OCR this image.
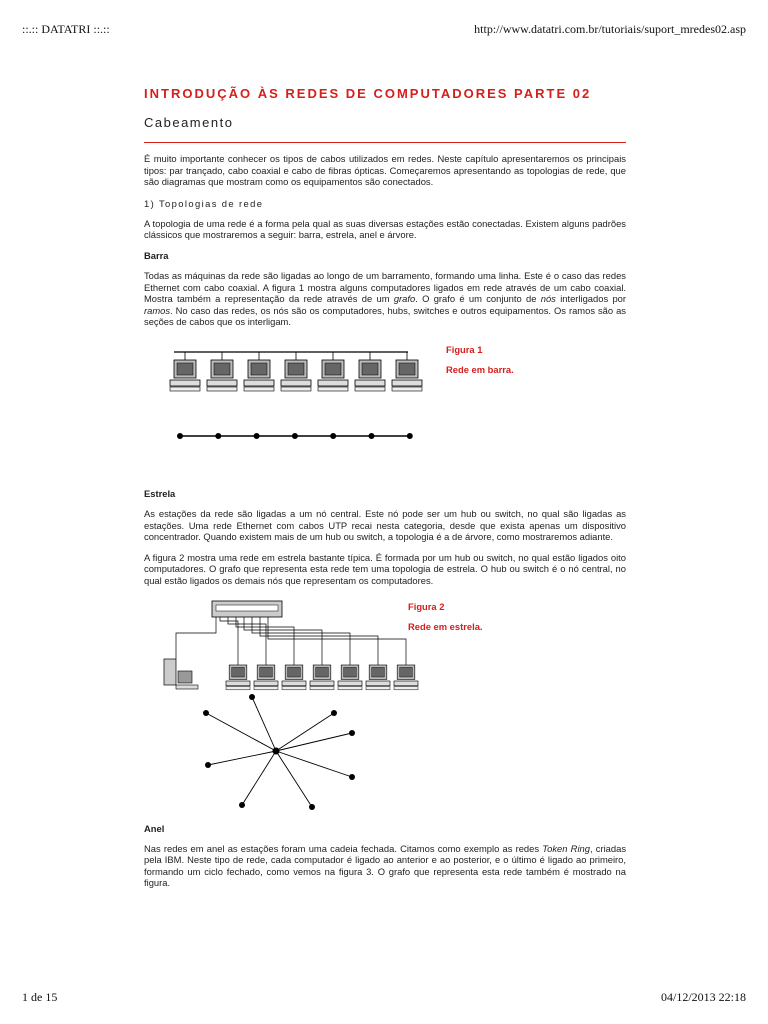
::.:: DATATRI ::.::	http://www.datatri.com.br/tutoriais/suport_mredes02.asp
INTRODUÇÃO ÀS REDES DE COMPUTADORES PARTE 02
Cabeamento

É muito importante conhecer os tipos de cabos utilizados em redes. Neste capítulo apresentaremos os principais tipos: par trançado, cabo coaxial e cabo de fibras ópticas. Começaremos apresentando as topologias de rede, que são diagramas que mostram como os equipamentos são conectados.

1) Topologias de rede

A topologia de uma rede é a forma pela qual as suas diversas estações estão conectadas. Existem alguns padrões clássicos que mostraremos a seguir: barra, estrela, anel e árvore.

Barra

Todas as máquinas da rede são ligadas ao longo de um barramento, formando uma linha. Este é o caso das redes Ethernet com cabo coaxial. A figura 1 mostra alguns computadores ligados em rede através de um cabo coaxial. Mostra também a representação da rede através de um grafo. O grafo é um conjunto de nós interligados por ramos. No caso das redes, os nós são os computadores, hubs, switches e outros equipamentos. Os ramos são as seções de cabos que os interligam.

Figura 1
Rede em barra.
Estrela

As estações da rede são ligadas a um nó central. Este nó pode ser um hub ou switch, no qual são ligadas as estações. Uma rede Ethernet com cabos UTP recai nesta categoria, desde que exista apenas um dispositivo concentrador. Quando existem mais de um hub ou switch, a topologia é a de árvore, como mostraremos adiante.

A figura 2 mostra uma rede em estrela bastante típica. É formada por um hub ou switch, no qual estão ligados oito computadores. O grafo que representa esta rede tem uma topologia de estrela. O hub ou switch é o nó central, no qual estão ligados os demais nós que representam os computadores.

Figura 2
Rede em estrela.
Anel

Nas redes em anel as estações foram uma cadeia fechada. Citamos como exemplo as redes Token Ring, criadas pela IBM. Neste tipo de rede, cada computador é ligado ao anterior e ao posterior, e o último é ligado ao primeiro, formando um ciclo fechado, como vemos na figura 3. O grafo que representa esta rede também é mostrado na figura.

1 de 15	04/12/2013 22:18
